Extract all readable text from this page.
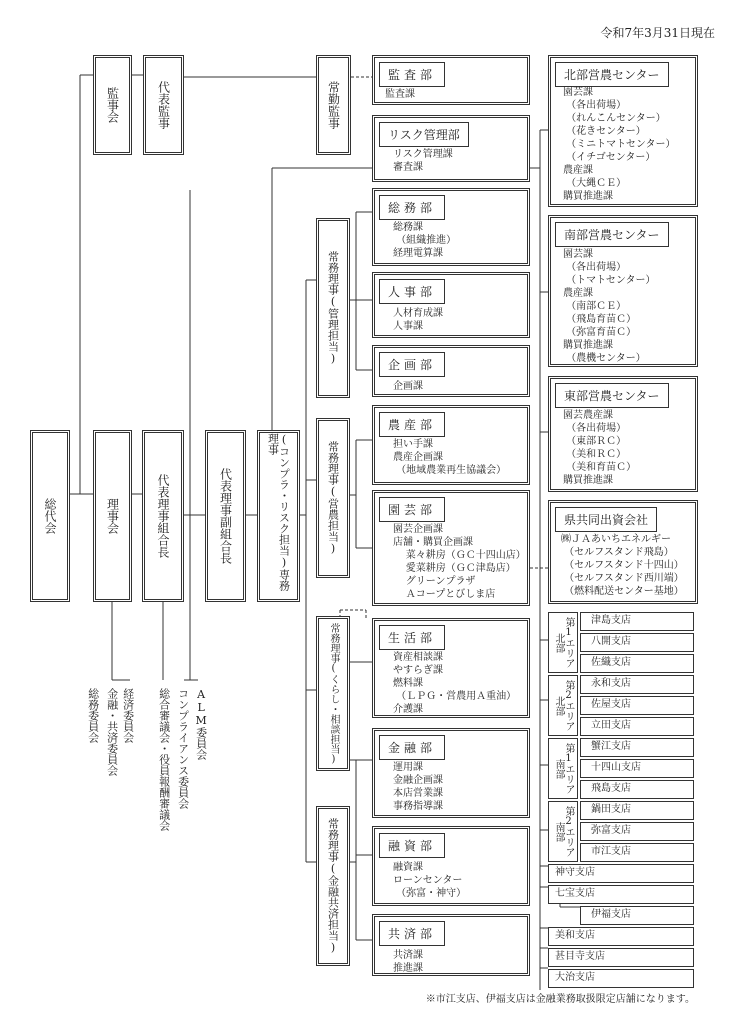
令和7年3月31日現在
監事会	代表監事	常勤監事
総代会	理事会	代表理事組合長	代表理事副組合長	(コンプラ・リスク担当)専務理事
常務理事(管理担当)
常務理事(営農担当)
常務理事(くらし・相談担当)
常務理事(金融共済担当)
総務委員会 金融・共済委員会 経済委員会 総合審議会・役員報酬審議会 コンプライアンス委員会 ALM委員会
監査部
監査課
リスク管理部
リスク管理課
審査課
総務部
総務課
（組織推進）
経理電算課
人事部
人材育成課
人事課
企画部
企画課
農産部
担い手課
農産企画課
（地域農業再生協議会）
園芸部
園芸企画課
店舗・購買企画課
菜々耕房（ＧＣ十四山店）
愛菜耕房（ＧＣ津島店）
グリーンプラザ
Ａコープとびしま店
生活部
資産相談課
やすらぎ課
燃料課
（ＬＰＧ・営農用Ａ重油）
介護課
金融部
運用課
金融企画課
本店営業課
事務指導課
融資部
融資課
ローンセンター
（弥富・神守）
共済部
共済課
推進課
北部営農センター
園芸課
（各出荷場）
（れんこんセンター）
（花きセンター）
（ミニトマトセンター）
（イチゴセンター）
農産課
（大縄ＣＥ）
購買推進課
南部営農センター
園芸課
（各出荷場）
（トマトセンター）
農産課
（南部ＣＥ）
（飛島育苗Ｃ）
（弥富育苗Ｃ）
購買推進課
（農機センター）
東部営農センター
園芸農産課
（各出荷場）
（東部ＲＣ）
（美和ＲＣ）
（美和育苗Ｃ）
購買推進課
県共同出資会社
㈱ＪＡあいちエネルギー
（セルフスタンド飛島）
（セルフスタンド十四山）
（セルフスタンド西川端）
（燃料配送センター基地）
第1エリア北部
津島支店
八開支店
佐織支店
第2エリア北部
永和支店
佐屋支店
立田支店
第1エリア南部
蟹江支店
十四山支店
飛島支店
第2エリア南部
鍋田支店
弥富支店
市江支店
神守支店
七宝支店
伊福支店
美和支店
甚目寺支店
大治支店
※市江支店、伊福支店は金融業務取扱限定店舗になります。
